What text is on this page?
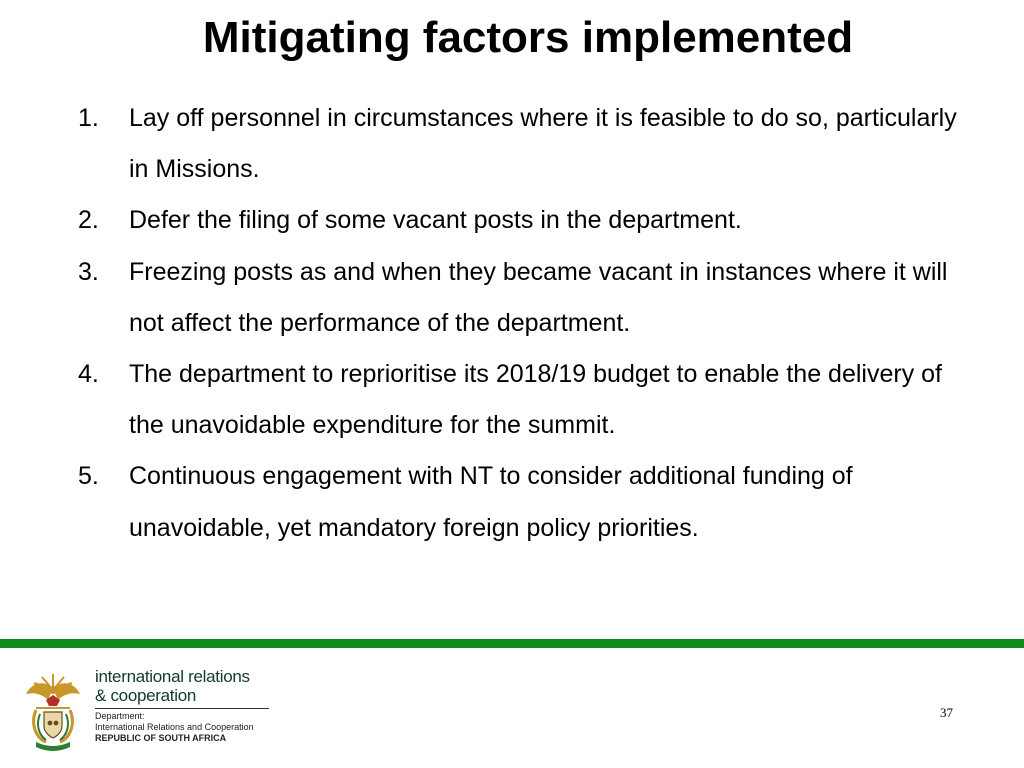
Mitigating factors implemented
1.	Lay off personnel in circumstances where it is feasible to do so, particularly in Missions.
2.	Defer the filing of some vacant posts in the department.
3.	Freezing posts as and when they became vacant in instances where it will not affect the performance of the department.
4.	The department to reprioritise its 2018/19 budget to enable the delivery of the unavoidable expenditure for the summit.
5.	Continuous engagement with NT to consider additional funding of unavoidable, yet mandatory foreign policy priorities.
international relations
& cooperation
Department:
International Relations and Cooperation
REPUBLIC OF SOUTH AFRICA
37
